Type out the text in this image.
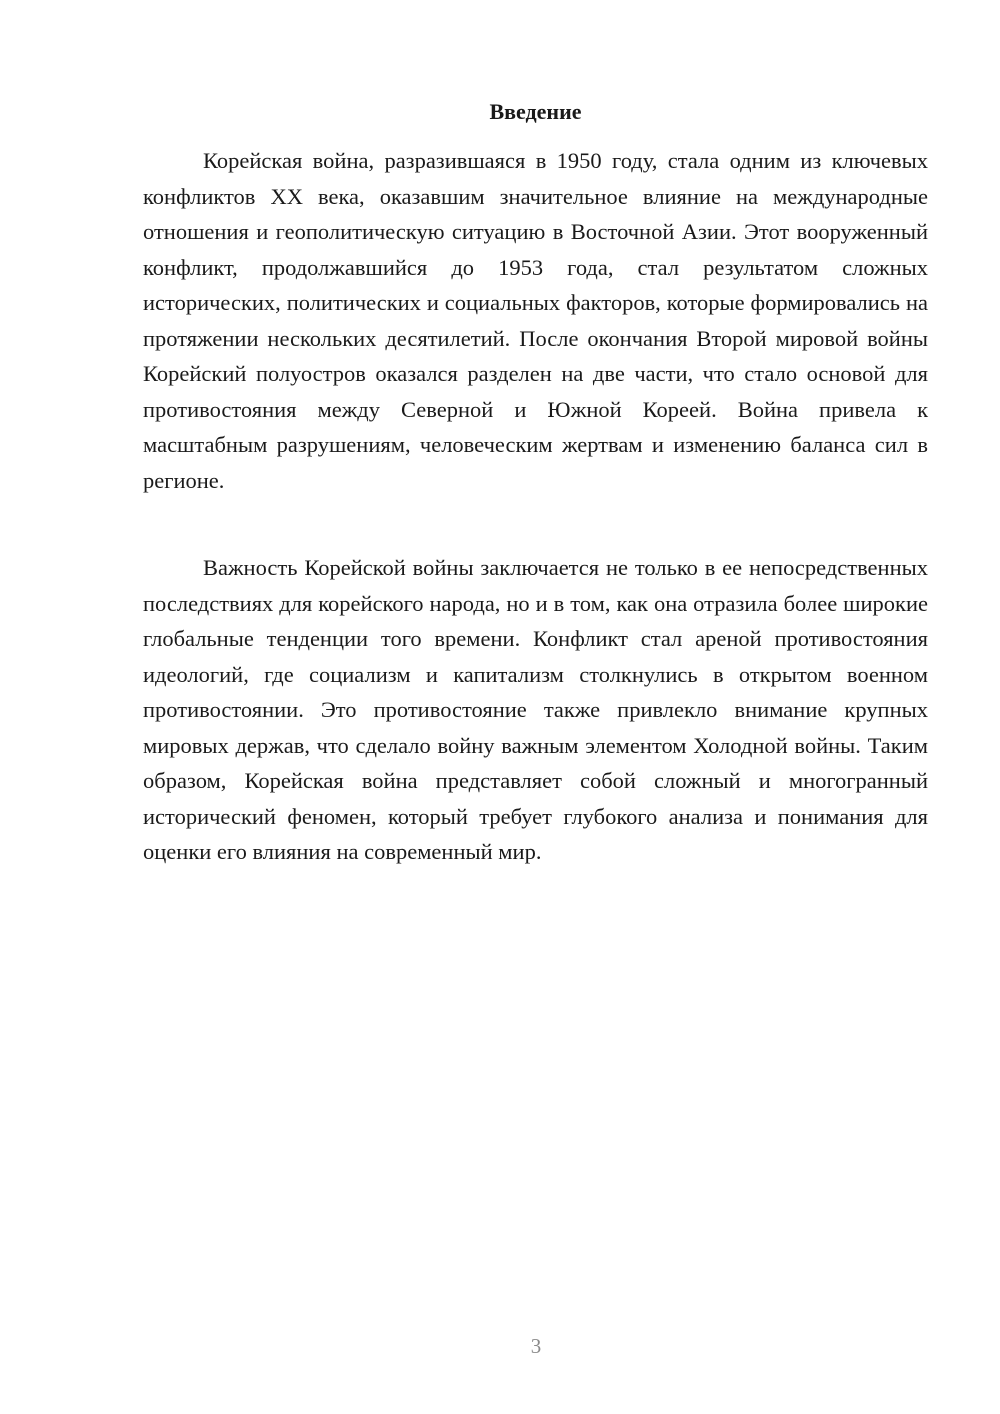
Введение

Корейская война, разразившаяся в 1950 году, стала одним из ключевых конфликтов XX века, оказавшим значительное влияние на международные отношения и геополитическую ситуацию в Восточной Азии. Этот вооруженный конфликт, продолжавшийся до 1953 года, стал результатом сложных исторических, политических и социальных факторов, которые формировались на протяжении нескольких десятилетий. После окончания Второй мировой войны Корейский полуостров оказался разделен на две части, что стало основой для противостояния между Северной и Южной Кореей. Война привела к масштабным разрушениям, человеческим жертвам и изменению баланса сил в регионе.

Важность Корейской войны заключается не только в ее непосредственных последствиях для корейского народа, но и в том, как она отразила более широкие глобальные тенденции того времени. Конфликт стал ареной противостояния идеологий, где социализм и капитализм столкнулись в открытом военном противостоянии. Это противостояние также привлекло внимание крупных мировых держав, что сделало войну важным элементом Холодной войны. Таким образом, Корейская война представляет собой сложный и многогранный исторический феномен, который требует глубокого анализа и понимания для оценки его влияния на современный мир.

3
